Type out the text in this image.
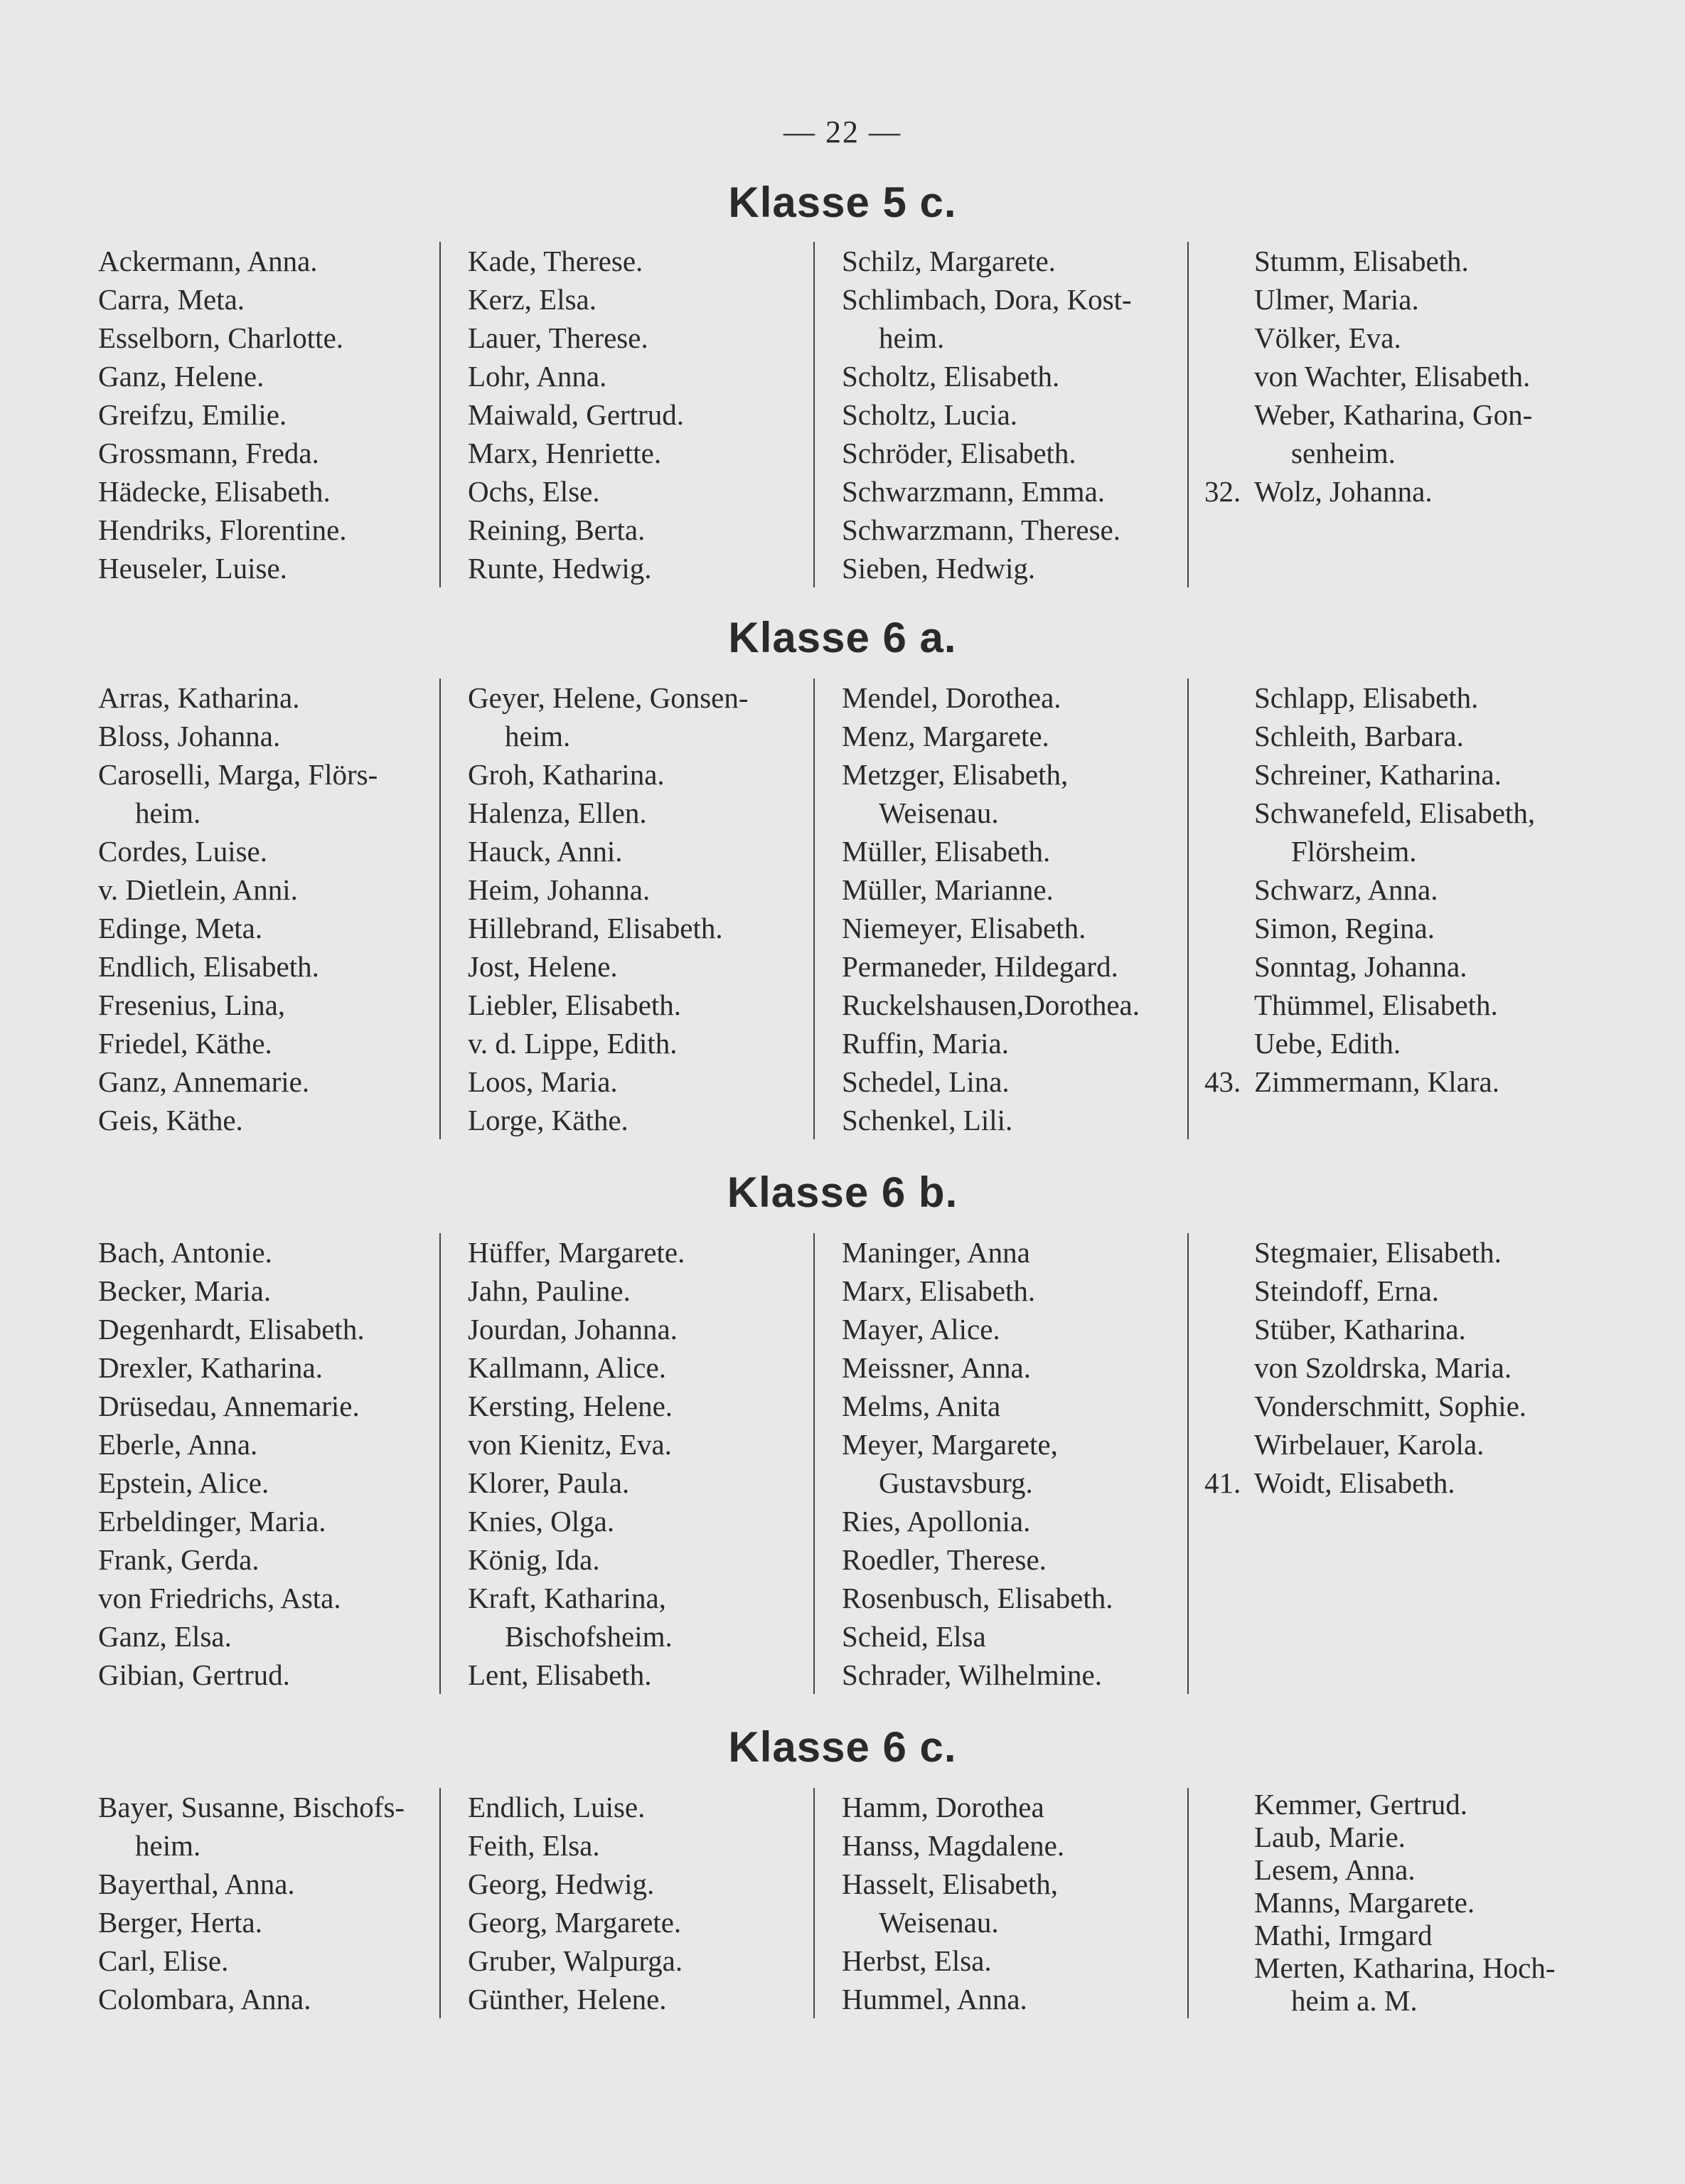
— 22 —
Klasse 5 c.
Ackermann, Anna.
Carra, Meta.
Esselborn, Charlotte.
Ganz, Helene.
Greifzu, Emilie.
Grossmann, Freda.
Hädecke, Elisabeth.
Hendriks, Florentine.
Heuseler, Luise.
Kade, Therese.
Kerz, Elsa.
Lauer, Therese.
Lohr, Anna.
Maiwald, Gertrud.
Marx, Henriette.
Ochs, Else.
Reining, Berta.
Runte, Hedwig.
Schilz, Margarete.
Schlimbach, Dora, Kost-
heim.
Scholtz, Elisabeth.
Scholtz, Lucia.
Schröder, Elisabeth.
Schwarzmann, Emma.
Schwarzmann, Therese.
Sieben, Hedwig.
Stumm, Elisabeth.
Ulmer, Maria.
Völker, Eva.
von Wachter, Elisabeth.
Weber, Katharina, Gon-
senheim.
32. Wolz, Johanna.
Klasse 6 a.
Arras, Katharina.
Bloss, Johanna.
Caroselli, Marga, Flörs-
heim.
Cordes, Luise.
v. Dietlein, Anni.
Edinge, Meta.
Endlich, Elisabeth.
Fresenius, Lina,
Friedel, Käthe.
Ganz, Annemarie.
Geis, Käthe.
Geyer, Helene, Gonsen-
heim.
Groh, Katharina.
Halenza, Ellen.
Hauck, Anni.
Heim, Johanna.
Hillebrand, Elisabeth.
Jost, Helene.
Liebler, Elisabeth.
v. d. Lippe, Edith.
Loos, Maria.
Lorge, Käthe.
Mendel, Dorothea.
Menz, Margarete.
Metzger, Elisabeth,
Weisenau.
Müller, Elisabeth.
Müller, Marianne.
Niemeyer, Elisabeth.
Permaneder, Hildegard.
Ruckelshausen,Dorothea.
Ruffin, Maria.
Schedel, Lina.
Schenkel, Lili.
Schlapp, Elisabeth.
Schleith, Barbara.
Schreiner, Katharina.
Schwanefeld, Elisabeth,
Flörsheim.
Schwarz, Anna.
Simon, Regina.
Sonntag, Johanna.
Thümmel, Elisabeth.
Uebe, Edith.
43. Zimmermann, Klara.
Klasse 6 b.
Bach, Antonie.
Becker, Maria.
Degenhardt, Elisabeth.
Drexler, Katharina.
Drüsedau, Annemarie.
Eberle, Anna.
Epstein, Alice.
Erbeldinger, Maria.
Frank, Gerda.
von Friedrichs, Asta.
Ganz, Elsa.
Gibian, Gertrud.
Hüffer, Margarete.
Jahn, Pauline.
Jourdan, Johanna.
Kallmann, Alice.
Kersting, Helene.
von Kienitz, Eva.
Klorer, Paula.
Knies, Olga.
König, Ida.
Kraft, Katharina,
Bischofsheim.
Lent, Elisabeth.
Maninger, Anna
Marx, Elisabeth.
Mayer, Alice.
Meissner, Anna.
Melms, Anita
Meyer, Margarete,
Gustavsburg.
Ries, Apollonia.
Roedler, Therese.
Rosenbusch, Elisabeth.
Scheid, Elsa
Schrader, Wilhelmine.
Stegmaier, Elisabeth.
Steindoff, Erna.
Stüber, Katharina.
von Szoldrska, Maria.
Vonderschmitt, Sophie.
Wirbelauer, Karola.
41. Woidt, Elisabeth.
Klasse 6 c.
Bayer, Susanne, Bischofs-
heim.
Bayerthal, Anna.
Berger, Herta.
Carl, Elise.
Colombara, Anna.
Endlich, Luise.
Feith, Elsa.
Georg, Hedwig.
Georg, Margarete.
Gruber, Walpurga.
Günther, Helene.
Hamm, Dorothea
Hanss, Magdalene.
Hasselt, Elisabeth,
Weisenau.
Herbst, Elsa.
Hummel, Anna.
Kemmer, Gertrud.
Laub, Marie.
Lesem, Anna.
Manns, Margarete.
Mathi, Irmgard
Merten, Katharina, Hoch-
heim a. M.
